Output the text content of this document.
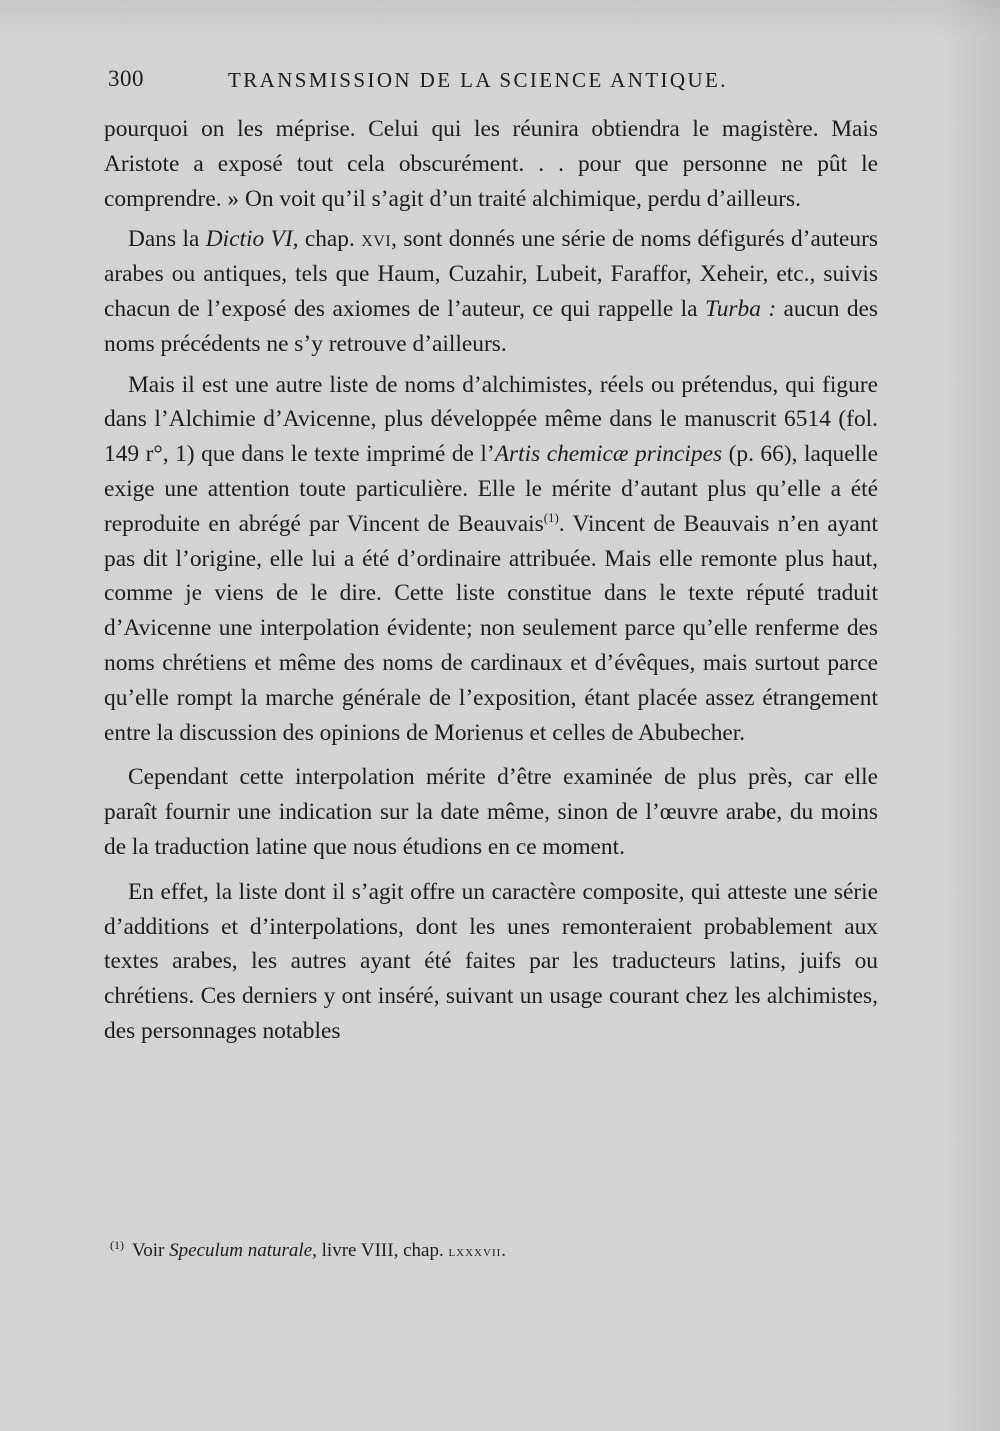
300	TRANSMISSION DE LA SCIENCE ANTIQUE.

pourquoi on les méprise. Celui qui les réunira obtiendra le magistère. Mais Aristote a exposé tout cela obscurément. . . pour que personne ne pût le comprendre. » On voit qu’il s’agit d’un traité alchimique, perdu d’ailleurs.

Dans la Dictio VI, chap. xvi, sont donnés une série de noms défigurés d’auteurs arabes ou antiques, tels que Haum, Cuzahir, Lubeit, Faraffor, Xeheir, etc., suivis chacun de l’exposé des axiomes de l’auteur, ce qui rappelle la Turba : aucun des noms précédents ne s’y retrouve d’ailleurs.

Mais il est une autre liste de noms d’alchimistes, réels ou prétendus, qui figure dans l’Alchimie d’Avicenne, plus développée même dans le manuscrit 6514 (fol. 149 r°, 1) que dans le texte imprimé de l’Artis chemicæ principes (p. 66), laquelle exige une attention toute particulière. Elle le mérite d’autant plus qu’elle a été reproduite en abrégé par Vincent de Beauvais$^{(1)}$. Vincent de Beauvais n’en ayant pas dit l’origine, elle lui a été d’ordinaire attribuée. Mais elle remonte plus haut, comme je viens de le dire. Cette liste constitue dans le texte réputé traduit d’Avicenne une interpolation évidente; non seulement parce qu’elle renferme des noms chrétiens et même des noms de cardinaux et d’évêques, mais surtout parce qu’elle rompt la marche générale de l’exposition, étant placée assez étrangement entre la discussion des opinions de Morienus et celles de Abubecher.

Cependant cette interpolation mérite d’être examinée de plus près, car elle paraît fournir une indication sur la date même, sinon de l’œuvre arabe, du moins de la traduction latine que nous étudions en ce moment.

En effet, la liste dont il s’agit offre un caractère composite, qui atteste une série d’additions et d’interpolations, dont les unes remonteraient probablement aux textes arabes, les autres ayant été faites par les traducteurs latins, juifs ou chrétiens. Ces derniers y ont inséré, suivant un usage courant chez les alchimistes, des personnages notables

$^{(1)}$ Voir Speculum naturale, livre VIII, chap. lxxxvii.
